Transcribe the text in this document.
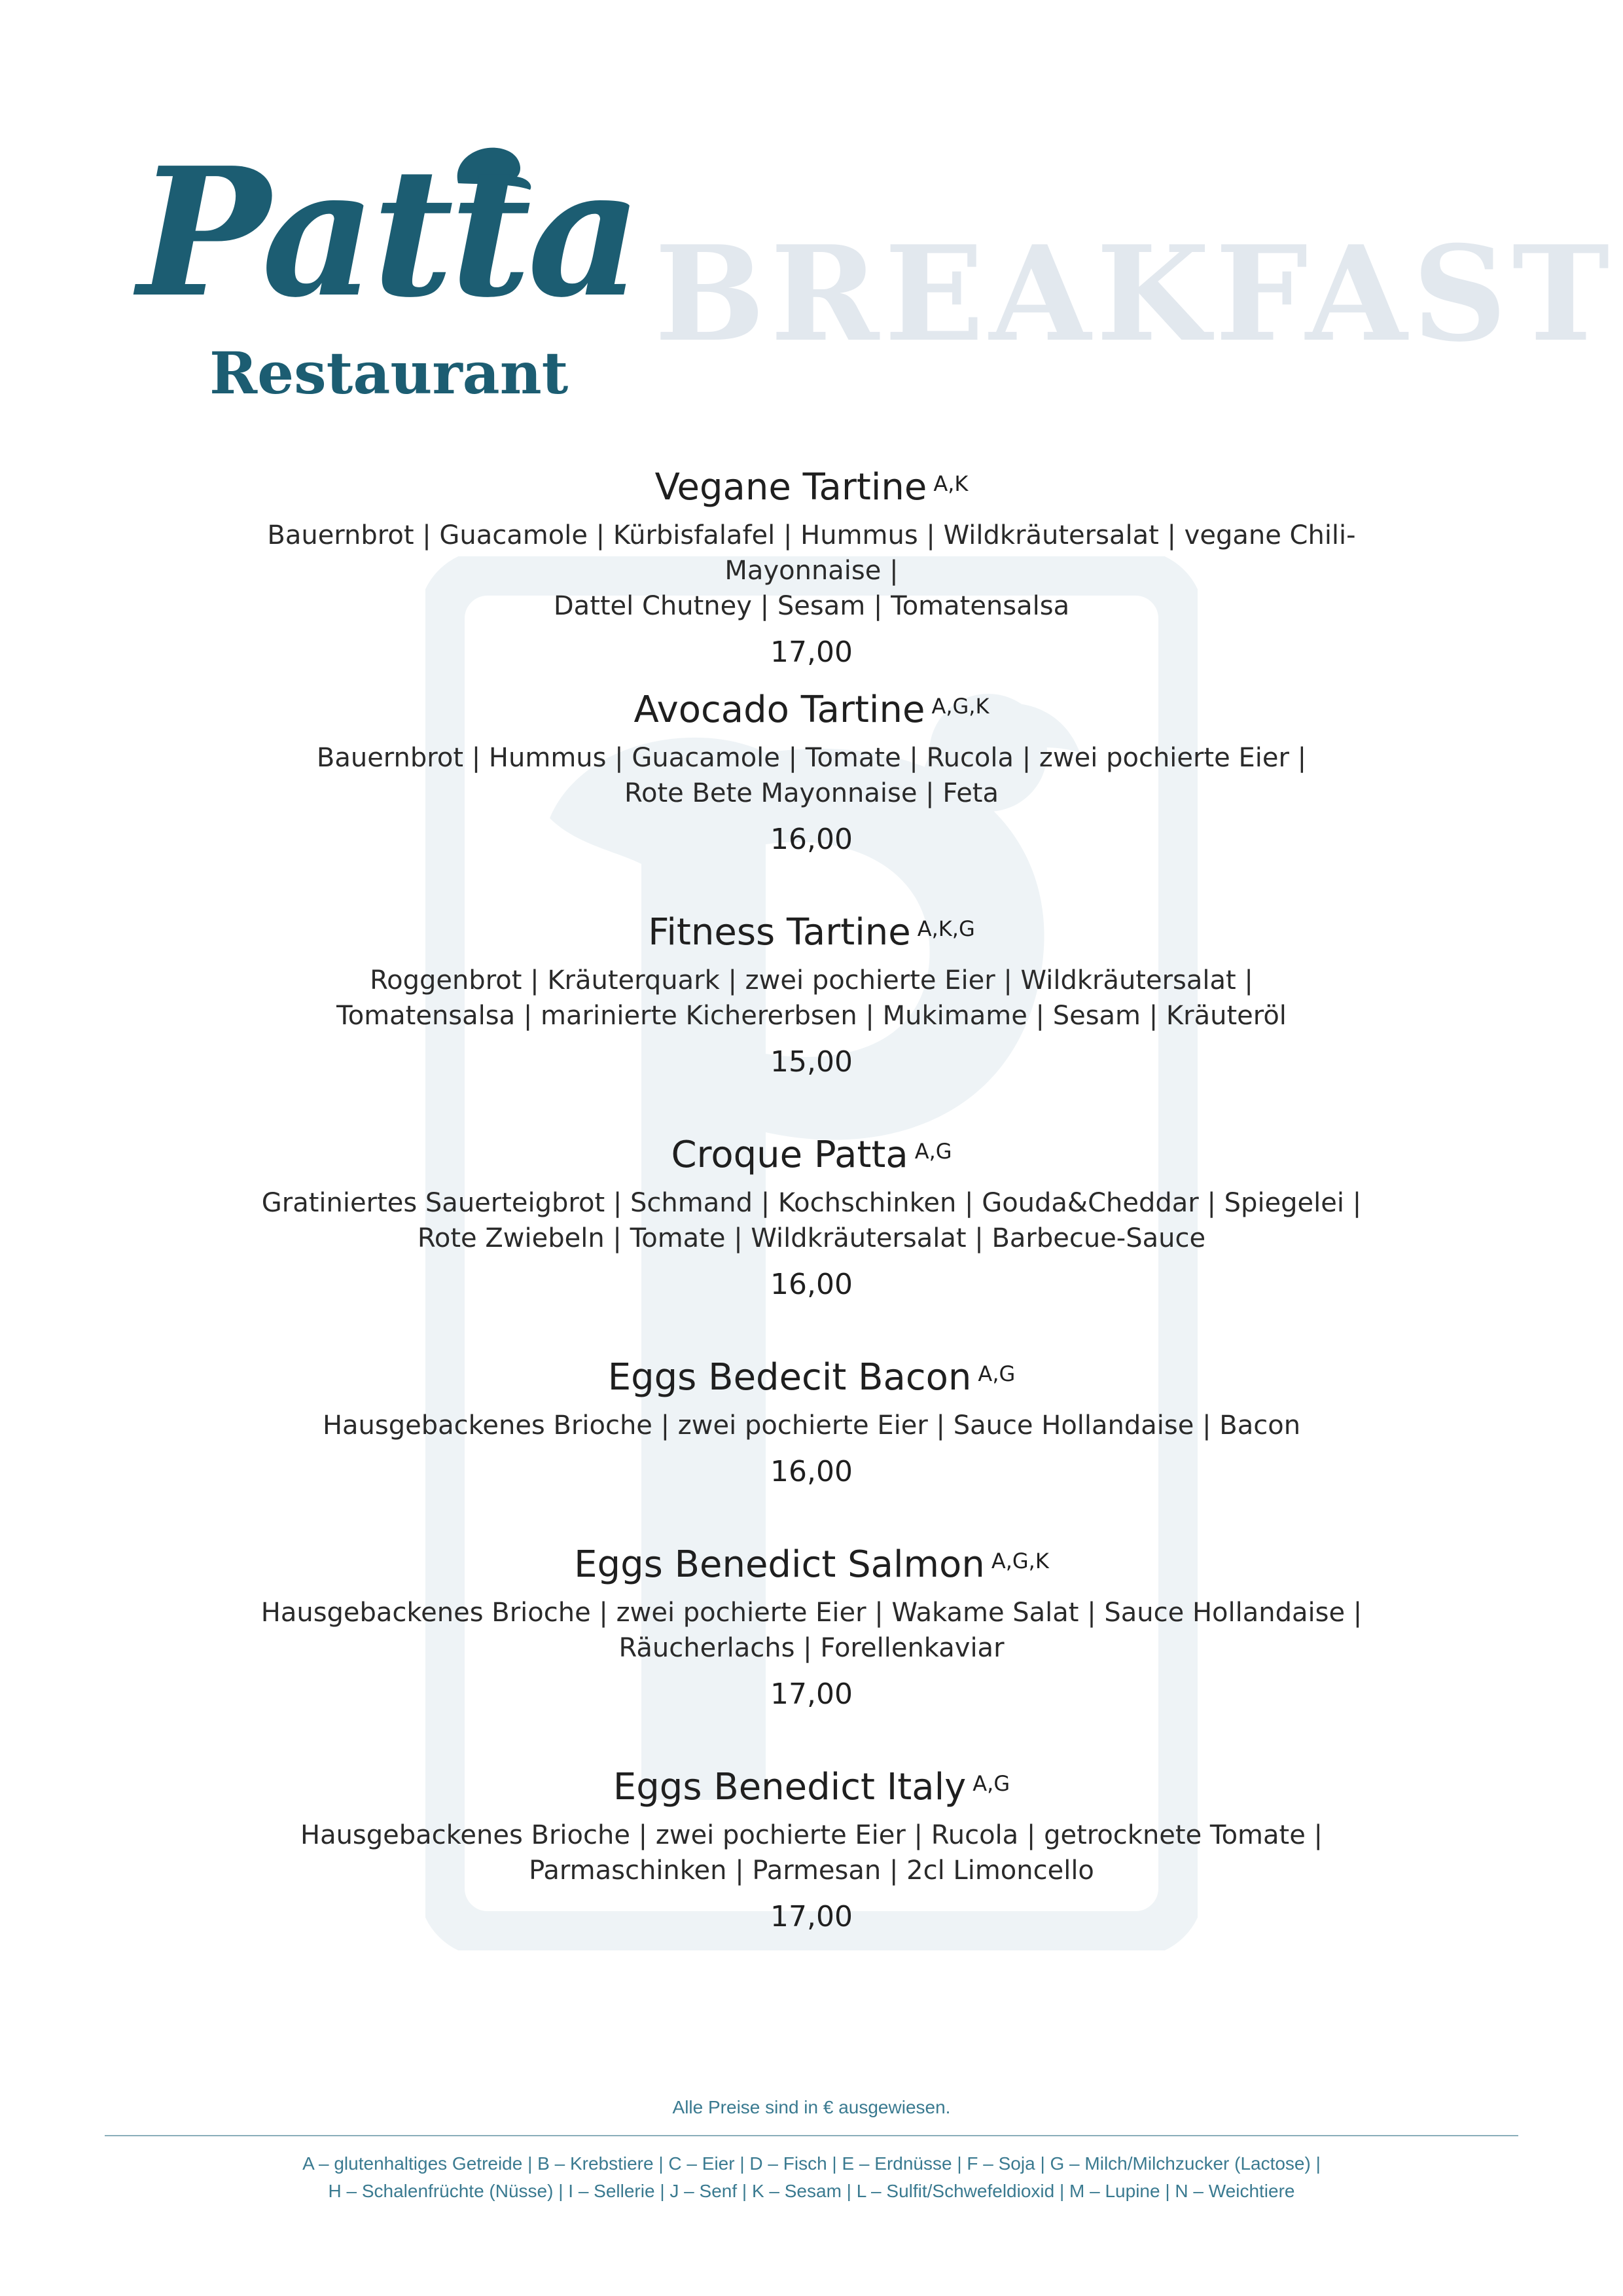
Patta
Restaurant
BREAKFAST
Vegane Tartine $^{A,K}$
Bauernbrot | Guacamole | Kürbisfalafel | Hummus | Wildkräutersalat | vegane Chili-Mayonnaise |
Dattel Chutney | Sesam | Tomatensalsa
17,00
Avocado Tartine $^{A,G,K}$
Bauernbrot | Hummus | Guacamole | Tomate | Rucola | zwei pochierte Eier |
Rote Bete Mayonnaise | Feta
16,00
Fitness Tartine $^{A,K,G}$
Roggenbrot | Kräuterquark | zwei pochierte Eier | Wildkräutersalat |
Tomatensalsa | marinierte Kichererbsen | Mukimame | Sesam | Kräuteröl
15,00
Croque Patta $^{A,G}$
Gratiniertes Sauerteigbrot | Schmand | Kochschinken | Gouda&Cheddar | Spiegelei |
Rote Zwiebeln | Tomate | Wildkräutersalat | Barbecue-Sauce
16,00
Eggs Bedecit Bacon $^{A,G}$
Hausgebackenes Brioche | zwei pochierte Eier | Sauce Hollandaise | Bacon
16,00
Eggs Benedict Salmon $^{A,G,K}$
Hausgebackenes Brioche | zwei pochierte Eier | Wakame Salat | Sauce Hollandaise |
Räucherlachs | Forellenkaviar
17,00
Eggs Benedict Italy $^{A,G}$
Hausgebackenes Brioche | zwei pochierte Eier | Rucola | getrocknete Tomate |
Parmaschinken | Parmesan | 2cl Limoncello
17,00
Alle Preise sind in € ausgewiesen.
A – glutenhaltiges Getreide | B – Krebstiere | C – Eier | D – Fisch | E – Erdnüsse | F – Soja | G – Milch/Milchzucker (Lactose) |
H – Schalenfrüchte (Nüsse) | I – Sellerie | J – Senf | K – Sesam | L – Sulfit/Schwefeldioxid | M – Lupine | N – Weichtiere
